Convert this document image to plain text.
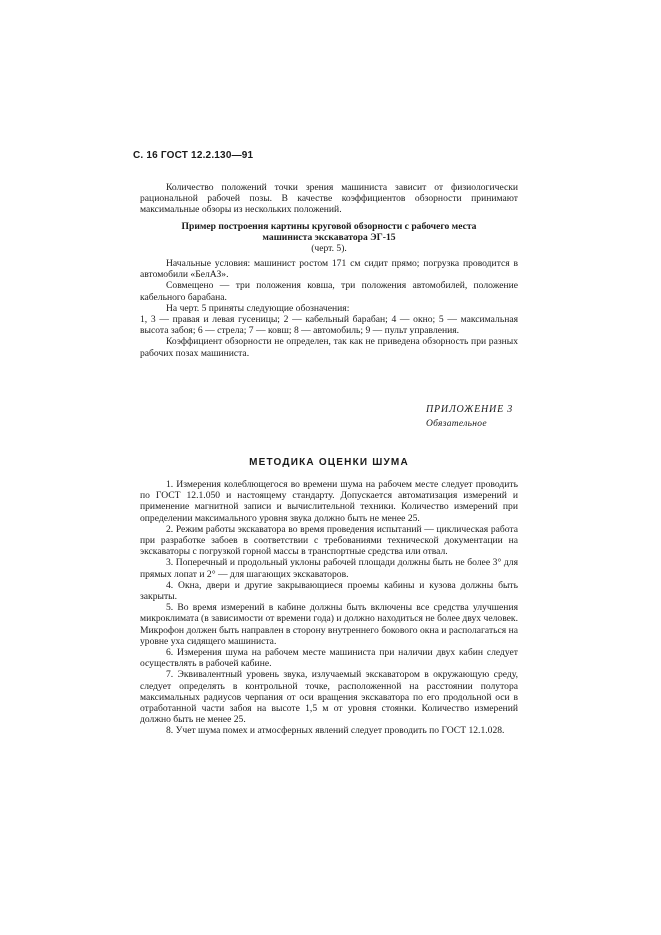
С. 16 ГОСТ 12.2.130—91

Количество положений точки зрения машиниста зависит от физиологически рациональной рабочей позы. В качестве коэффициентов обзорности принимают максимальные обзоры из нескольких положений.

Пример построения картины круговой обзорности с рабочего места
машиниста экскаватора ЭГ-15
(черт. 5).

Начальные условия: машинист ростом 171 см сидит прямо; погрузка проводится в автомобили «БелАЗ».

Совмещено — три положения ковша, три положения автомобилей, положение кабельного барабана.

На черт. 5 приняты следующие обозначения:

1, 3 — правая и левая гусеницы; 2 — кабельный барабан; 4 — окно; 5 — максимальная высота забоя; 6 — стрела; 7 — ковш; 8 — автомобиль; 9 — пульт управления.

Коэффициент обзорности не определен, так как не приведена обзорность при разных рабочих позах машиниста.

ПРИЛОЖЕНИЕ 3
Обязательное
МЕТОДИКА ОЦЕНКИ ШУМА

1. Измерения колеблющегося во времени шума на рабочем месте следует проводить по ГОСТ 12.1.050 и настоящему стандарту. Допускается автоматизация измерений и применение магнитной записи и вычислительной техники. Количество измерений при определении максимального уровня звука должно быть не менее 25.

2. Режим работы экскаватора во время проведения испытаний — циклическая работа при разработке забоев в соответствии с требованиями технической документации на экскаваторы с погрузкой горной массы в транспортные средства или отвал.

3. Поперечный и продольный уклоны рабочей площади должны быть не более 3° для прямых лопат и 2° — для шагающих экскаваторов.

4. Окна, двери и другие закрывающиеся проемы кабины и кузова должны быть закрыты.

5. Во время измерений в кабине должны быть включены все средства улучшения микроклимата (в зависимости от времени года) и должно находиться не более двух человек. Микрофон должен быть направлен в сторону внутреннего бокового окна и располагаться на уровне уха сидящего машиниста.

6. Измерения шума на рабочем месте машиниста при наличии двух кабин следует осуществлять в рабочей кабине.

7. Эквивалентный уровень звука, излучаемый экскаватором в окружающую среду, следует определять в контрольной точке, расположенной на расстоянии полутора максимальных радиусов черпания от оси вращения экскаватора по его продольной оси в отработанной части забоя на высоте 1,5 м от уровня стоянки. Количество измерений должно быть не менее 25.

8. Учет шума помех и атмосферных явлений следует проводить по ГОСТ 12.1.028.
